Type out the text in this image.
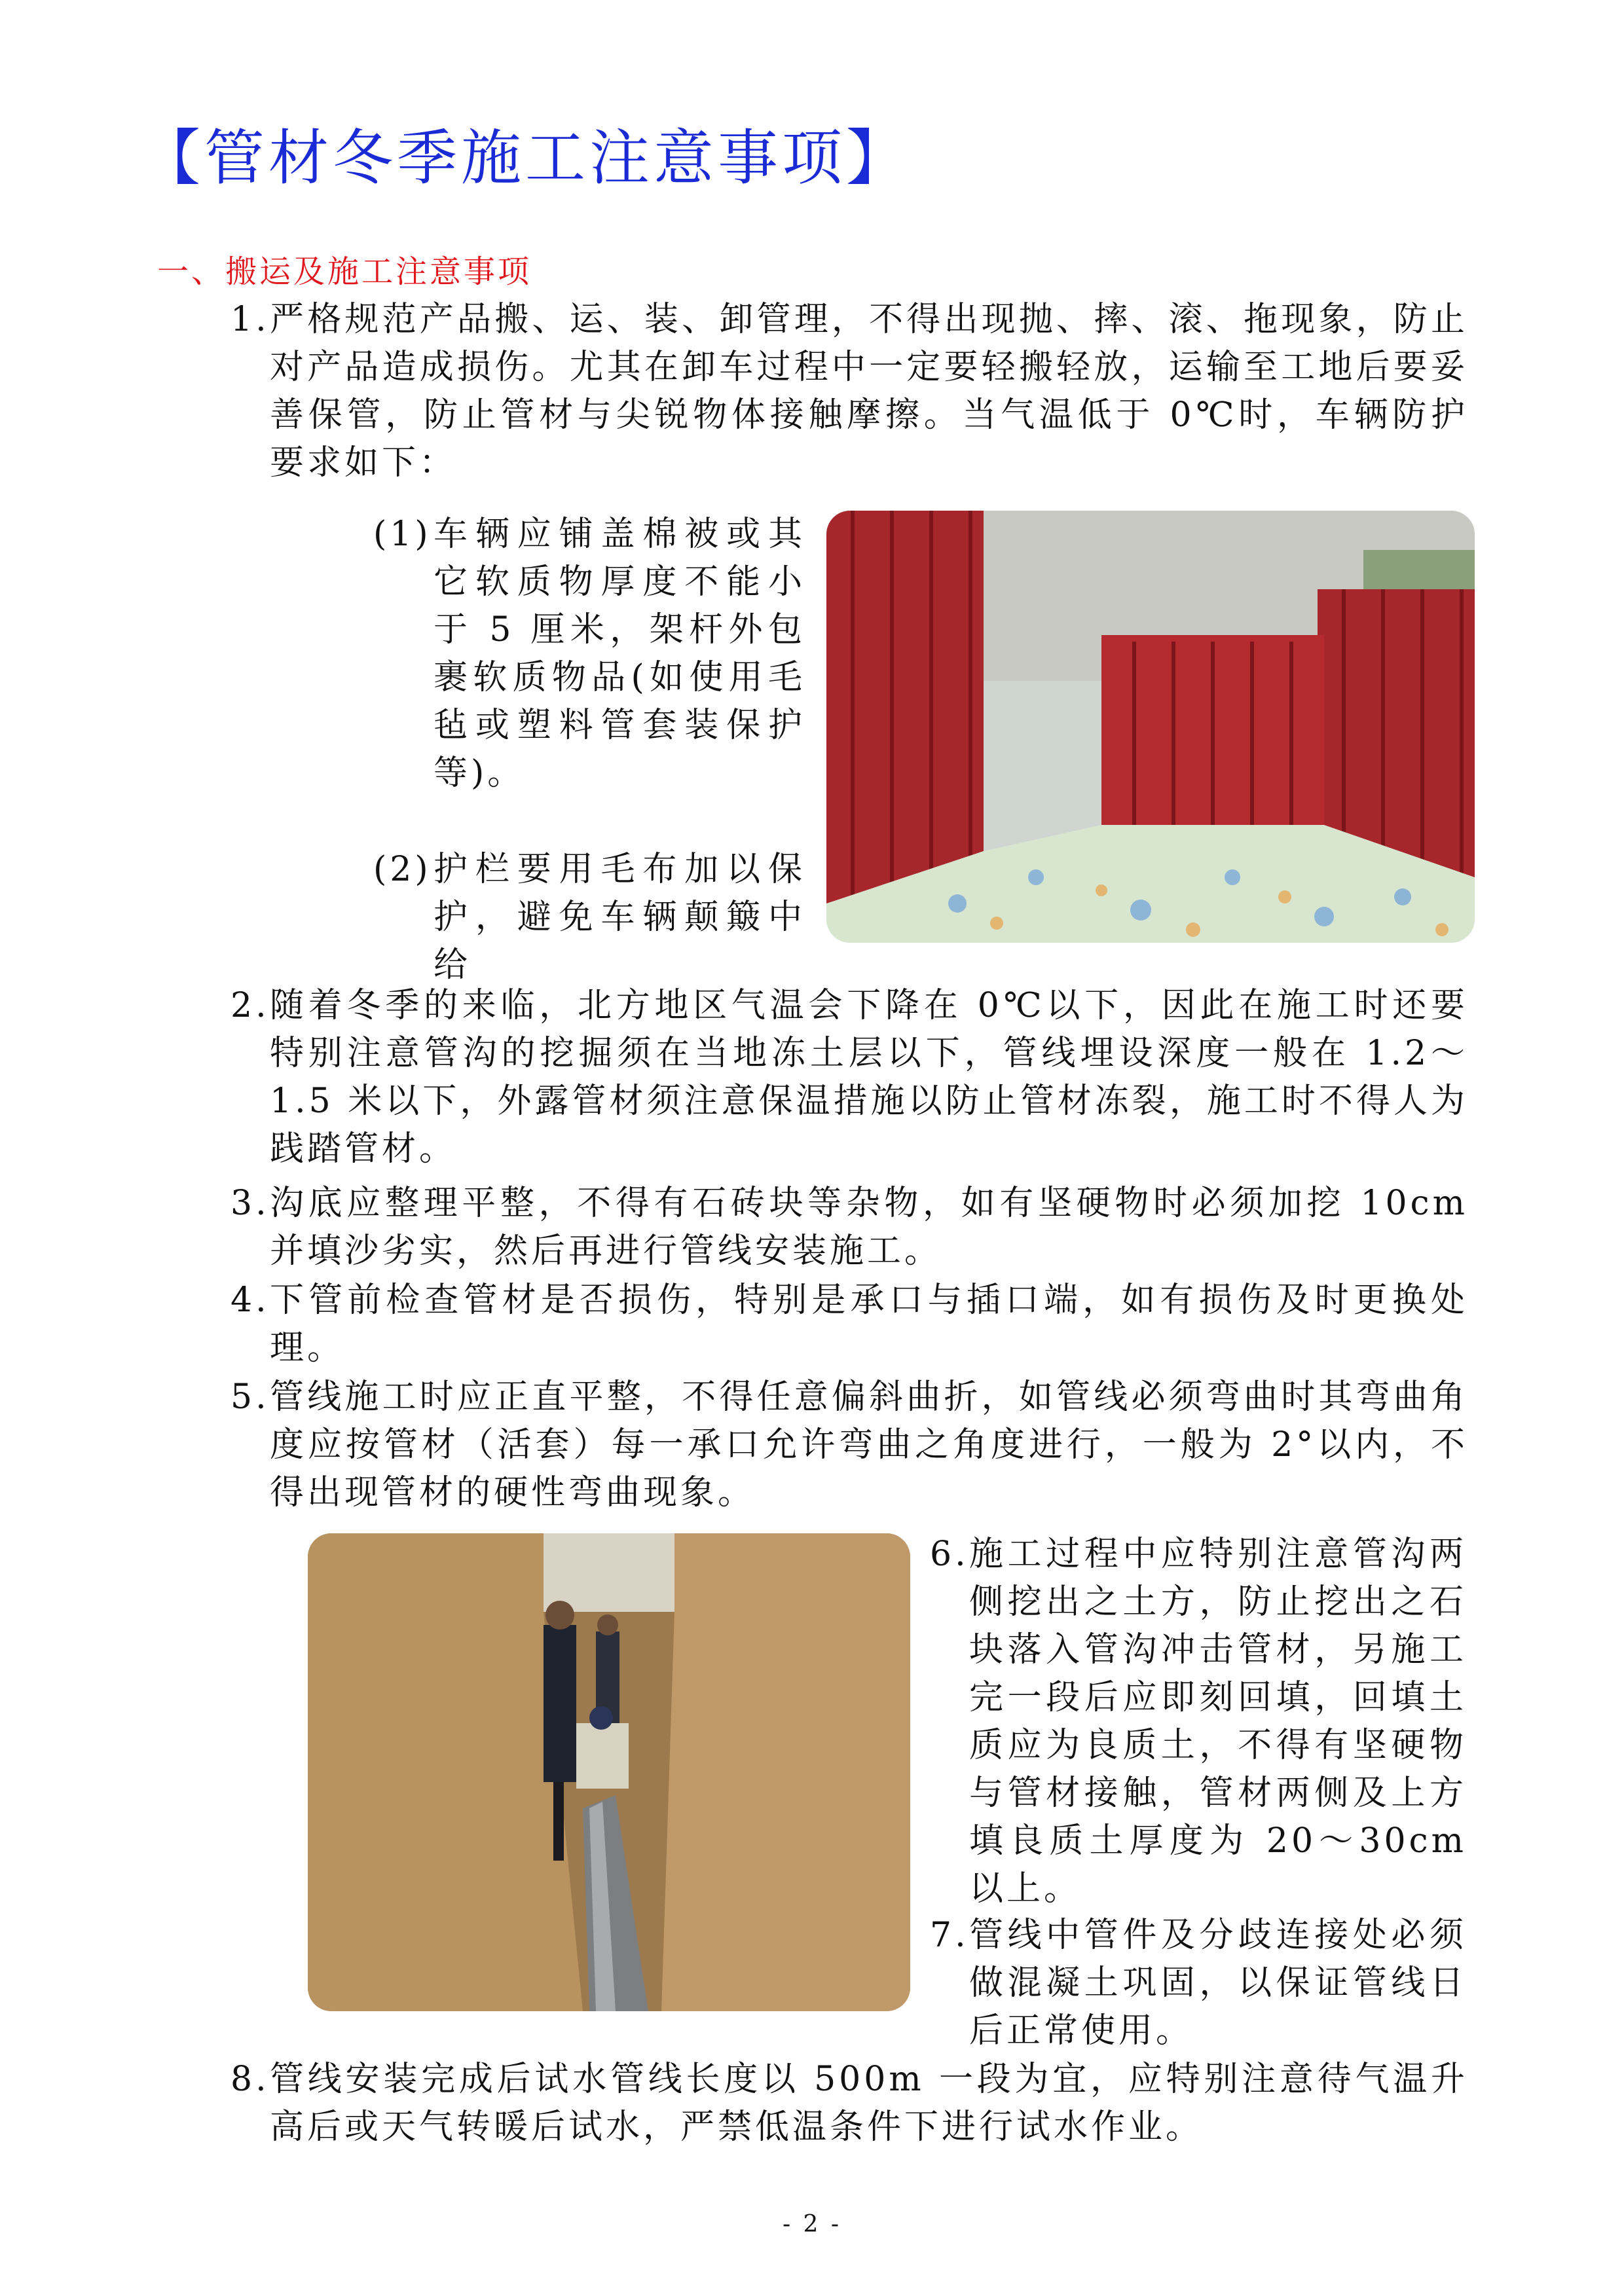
【管材冬季施工注意事项】
一、搬运及施工注意事项
1. 严格规范产品搬、运、装、卸管理，不得出现抛、摔、滚、拖现象，防止对产品造成损伤。尤其在卸车过程中一定要轻搬轻放，运输至工地后要妥善保管，防止管材与尖锐物体接触摩擦。当气温低于 0℃时，车辆防护要求如下：
(1) 车辆应铺盖棉被或其它软质物厚度不能小于 5 厘米，架杆外包裹软质物品(如使用毛毡或塑料管套装保护等)。
(2) 护栏要用毛布加以保护，避免车辆颠簸中给
2. 随着冬季的来临，北方地区气温会下降在 0℃以下，因此在施工时还要特别注意管沟的挖掘须在当地冻土层以下，管线埋设深度一般在 1.2～1.5 米以下，外露管材须注意保温措施以防止管材冻裂，施工时不得人为践踏管材。
3. 沟底应整理平整，不得有石砖块等杂物，如有坚硬物时必须加挖 10cm 并填沙劣实，然后再进行管线安装施工。
4. 下管前检查管材是否损伤，特别是承口与插口端，如有损伤及时更换处理。
5. 管线施工时应正直平整，不得任意偏斜曲折，如管线必须弯曲时其弯曲角度应按管材（活套）每一承口允许弯曲之角度进行，一般为 2°以内，不得出现管材的硬性弯曲现象。
6. 施工过程中应特别注意管沟两侧挖出之土方，防止挖出之石块落入管沟冲击管材，另施工完一段后应即刻回填，回填土质应为良质土，不得有坚硬物与管材接触，管材两侧及上方填良质土厚度为 20～30cm 以上。
7. 管线中管件及分歧连接处必须做混凝土巩固，以保证管线日后正常使用。
8. 管线安装完成后试水管线长度以 500m 一段为宜，应特别注意待气温升高后或天气转暖后试水，严禁低温条件下进行试水作业。
- 2 -
